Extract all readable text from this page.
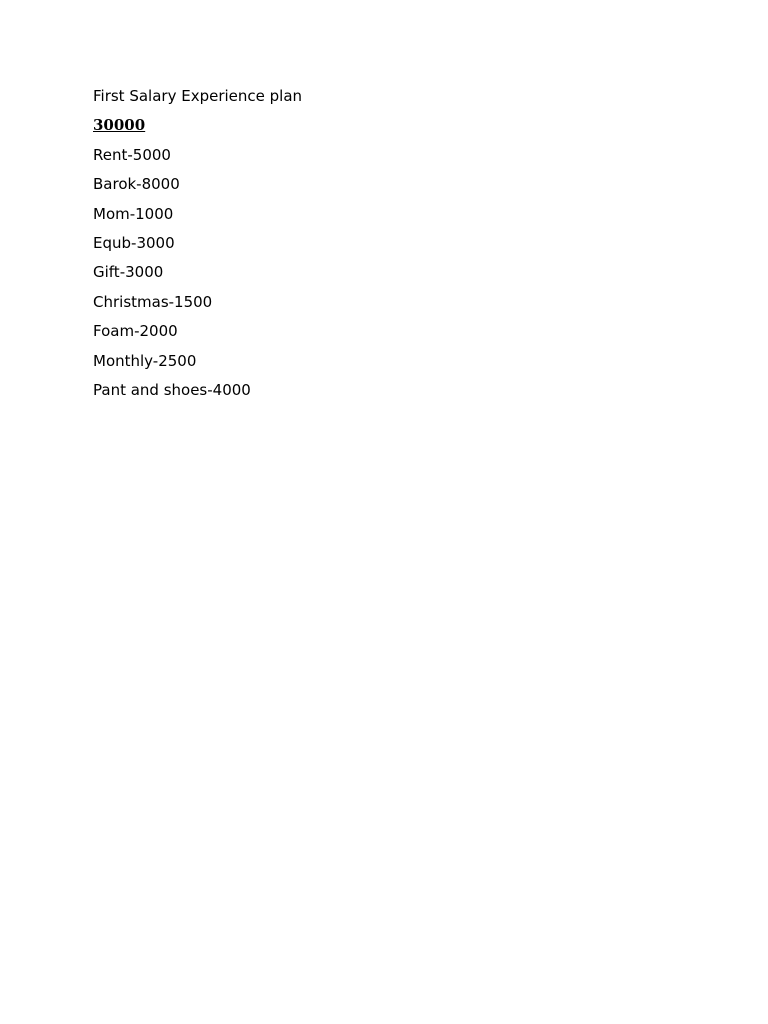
First Salary Experience plan

30000

Rent-5000

Barok-8000

Mom-1000

Equb-3000

Gift-3000

Christmas-1500

Foam-2000

Monthly-2500

Pant and shoes-4000
